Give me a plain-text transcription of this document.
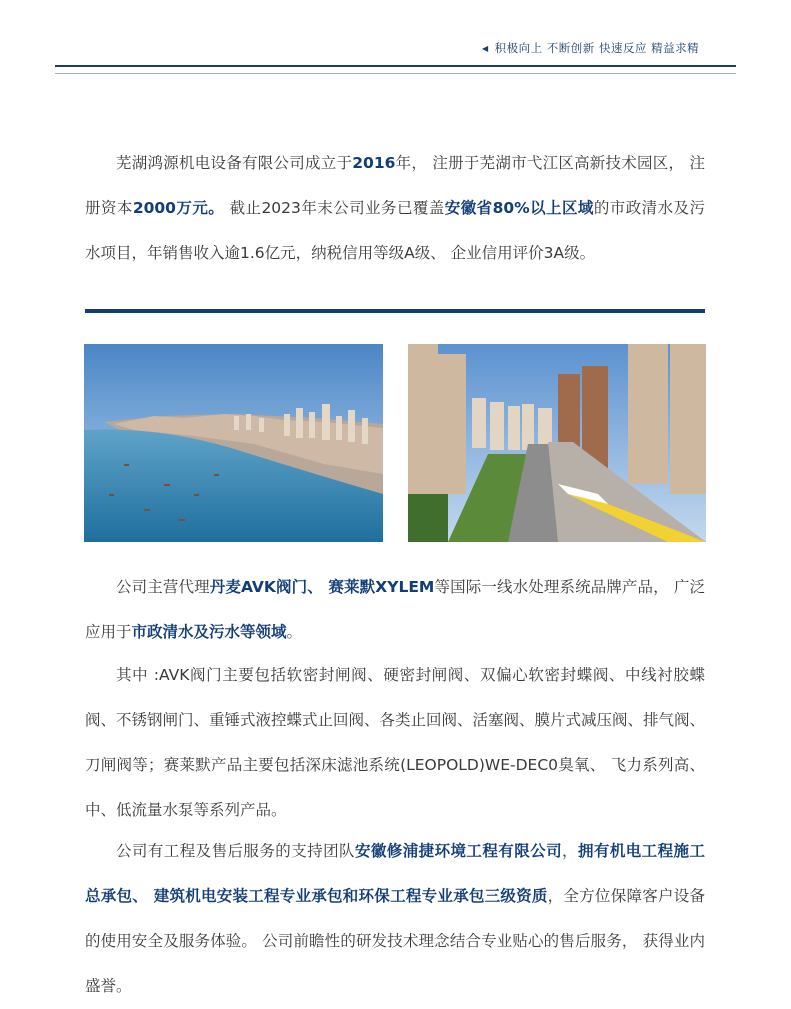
◀ 积极向上 不断创新 快速反应 精益求精

芜湖鸿源机电设备有限公司成立于2016年， 注册于芜湖市弋江区高新技术园区， 注册资本2000万元。 截止2023年末公司业务已覆盖安徽省80%以上区域的市政清水及污水项目，年销售收入逾1.6亿元，纳税信用等级A级、 企业信用评价3A级。

公司主营代理丹麦AVK阀门、 赛莱默XYLEM等国际一线水处理系统品牌产品， 广泛应用于市政清水及污水等领域。

其中 :AVK阀门主要包括软密封闸阀、硬密封闸阀、双偏心软密封蝶阀、中线衬胶蝶阀、不锈钢闸门、重锤式液控蝶式止回阀、各类止回阀、活塞阀、膜片式减压阀、排气阀、刀闸阀等；赛莱默产品主要包括深床滤池系统(LEOPOLD)WE-DEC0臭氧、 飞力系列高、 中、低流量水泵等系列产品。

公司有工程及售后服务的支持团队安徽修浦捷环境工程有限公司，拥有机电工程施工总承包、 建筑机电安装工程专业承包和环保工程专业承包三级资质，全方位保障客户设备的使用安全及服务体验。 公司前瞻性的研发技术理念结合专业贴心的售后服务， 获得业内盛誉。
